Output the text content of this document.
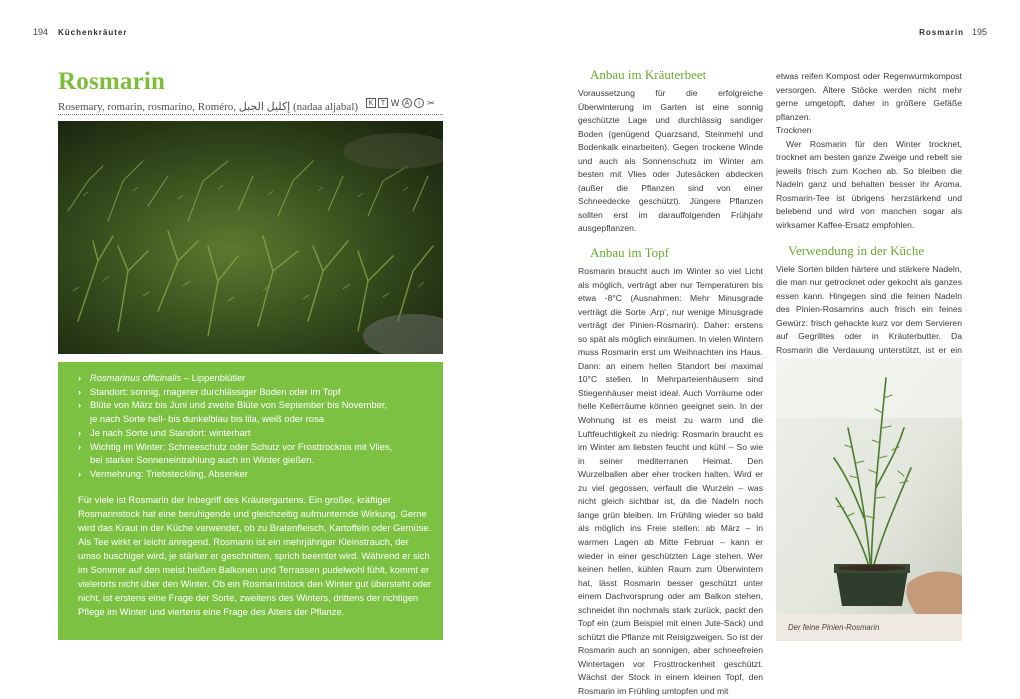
194 Küchenkräuter	Rosmarin 195
Rosmarin
Rosemary, romarin, rosmarino, Roméro, إكليل الجبل (nadaa aljabal)	K	T W A	i ✂
› Rosmarinus officinalis – Lippenblütler
› Standort: sonnig, magerer durchlässiger Boden oder im Topf
› Blüte von März bis Juni und zweite Blüte von September bis November,
je nach Sorte hell- bis dunkelblau bis lila, weiß oder rosa
› Je nach Sorte und Standort: winterhart
› Wichtig im Winter: Schneeschutz oder Schutz vor Frosttrocknis mit Vlies,
bei starker Sonneneintrahlung auch im Winter gießen.
› Vermehrung: Triebsteckling, Absenker

Für viele ist Rosmarin der Inbegriff des Kräutergartens. Ein großer, kräftiger Rosmarinstock hat eine beruhigende und gleichzeitig aufmunternde Wirkung. Gerne wird das Kraut in der Küche verwendet, ob zu Bratenfleisch, Kartoffeln oder Gemüse. Als Tee wirkt er leicht anregend. Rosmarin ist ein mehrjähriger Kleinstrauch, der umso buschiger wird, je stärker er geschnitten, sprich beerntet wird. Während er sich im Sommer auf den meist heißen Balkonen und Terrassen pudelwohl fühlt, kommt er vielerorts nicht über den Winter. Ob ein Rosmarinstock den Winter gut übersteht oder nicht, ist erstens eine Frage der Sorte, zweitens des Winters, drittens der richtigen Pflege im Winter und viertens eine Frage des Alters der Pflanze.

Anbau im Kräuterbeet

Voraussetzung für die erfolgreiche Überwinterung im Garten ist eine sonnig geschützte Lage und durchlässig sandiger Boden (genügend Quarzsand, Steinmehl und Bodenkalk einarbeiten). Gegen trockene Winde und auch als Sonnenschutz im Winter am besten mit Vlies oder Jutesäcken abdecken (außer die Pflanzen sind von einer Schneedecke geschützt). Jüngere Pflanzen sollten erst im darauffolgenden Frühjahr ausgepflanzen.

Anbau im Topf

Rosmarin braucht auch im Winter so viel Licht als möglich, verträgt aber nur Temperaturen bis etwa -8°C (Ausnahmen: Mehr Minusgrade verträgt die Sorte ‚Arp‘, nur wenige Minusgrade verträgt der Pinien-Rosmarin). Daher: erstens so spät als möglich einräumen. In vielen Wintern muss Rosmarin erst um Weihnachten ins Haus. Dann: an einem hellen Standort bei maximal 10°C stellen. In Mehrparteienhäusern sind Stiegenhäuser meist ideal. Auch Vorräume oder helle Kellerräume können geeignet sein. In der Wohnung ist es meist zu warm und die Luftfeuchtigkeit zu niedrig: Rosmarin braucht es im Winter am liebsten feucht und kühl – So wie in seiner mediterranen Heimat. Den Wurzelballen aber eher trocken halten. Wird er zu viel gegossen, verfault die Wurzeln – was nicht gleich sichtbar ist, da die Nadeln noch lange grün bleiben. Im Frühling wieder so bald als möglich ins Freie stellen: ab März – in warmen Lagen ab Mitte Februar – kann er wieder in einer geschützten Lage stehen. Wer keinen hellen, kühlen Raum zum Überwintern hat, lässt Rosmarin besser geschützt unter einem Dachvorsprung oder am Balkon stehen, schneidet ihn nochmals stark zurück, packt den Topf ein (zum Beispiel mit einen Jute-Sack) und schützt die Pflanze mit Reisigzweigen. So ist der Rosmarin auch an sonnigen, aber schneefreien Wintertagen vor Frosttrockenheit geschützt. Wächst der Stock in einem kleinen Topf, den Rosmarin im Frühling umtopfen und mit

etwas reifen Kompost oder Regenwurmkompost versorgen. Ältere Stöcke werden nicht mehr gerne umgetopft, daher in größere Gefäße pflanzen.

Trocknen

Wer Rosmarin für den Winter trocknet, trocknet am besten ganze Zweige und rebelt sie jeweils frisch zum Kochen ab. So bleiben die Nadeln ganz und behalten besser ihr Aroma. Rosmarin-Tee ist übrigens herzstärkend und belebend und wird von manchen sogar als wirksamer Kaffee-Ersatz empfohlen.

Verwendung in der Küche

Viele Sorten bilden härtere und stärkere Nadeln, die man nur getrocknet oder gekocht als ganzes essen kann. Hingegen sind die feinen Nadeln des Pinien-Rosamrins auch frisch ein feines Gewürz: frisch gehackte kurz vor dem Servieren auf Gegrilltes oder in Kräuterbutter. Da Rosmarin die Verdauung unterstützt, ist er ein

Der feine Pinien-Rosmarin
